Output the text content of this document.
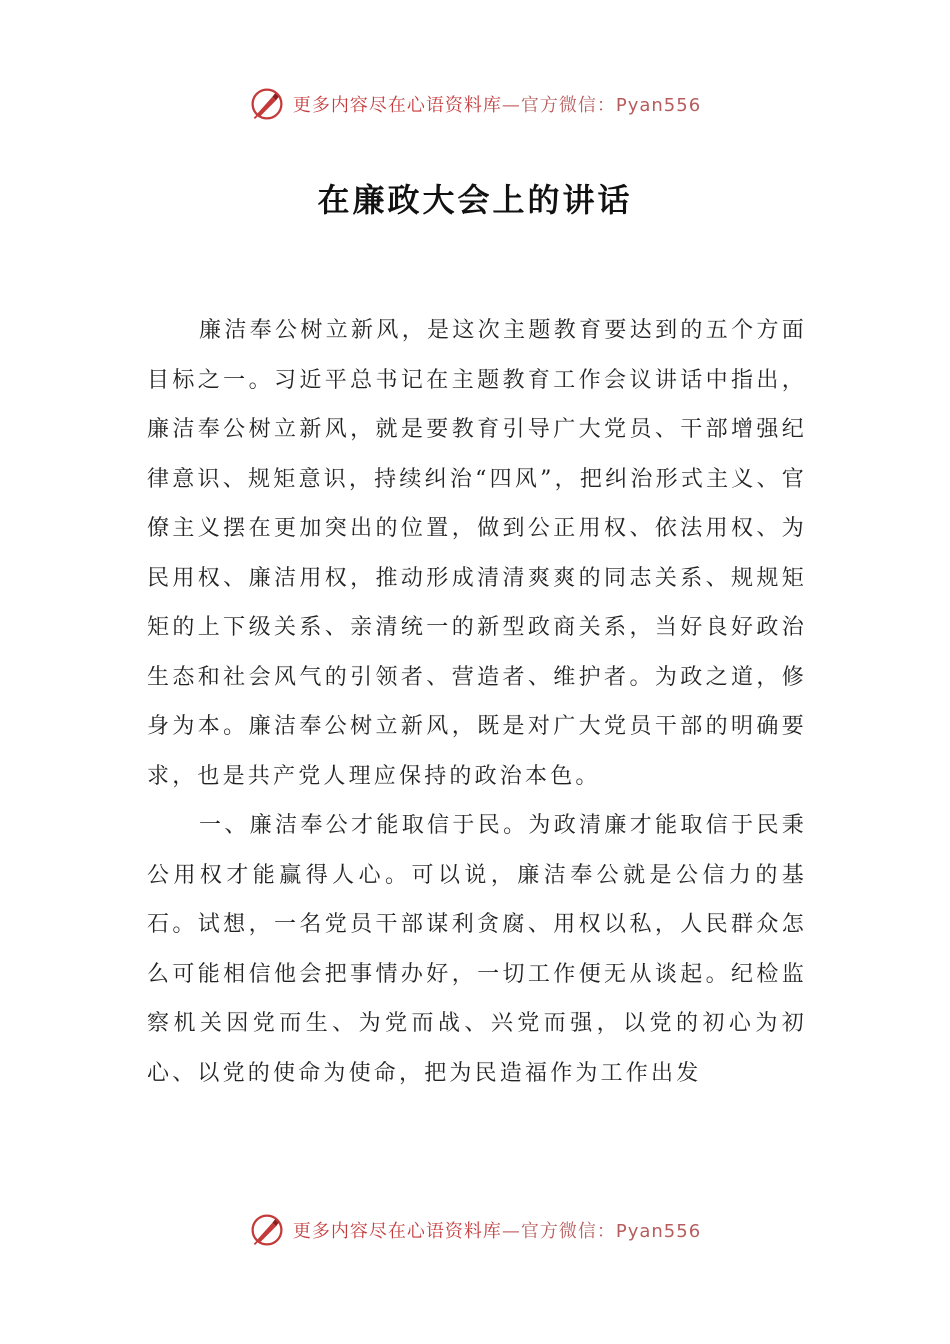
更多内容尽在心语资料库—官方微信：Pyan556
在廉政大会上的讲话

廉洁奉公树立新风，是这次主题教育要达到的五个方面目标之一。习近平总书记在主题教育工作会议讲话中指出，廉洁奉公树立新风，就是要教育引导广大党员、干部增强纪律意识、规矩意识，持续纠治“四风”，把纠治形式主义、官僚主义摆在更加突出的位置，做到公正用权、依法用权、为民用权、廉洁用权，推动形成清清爽爽的同志关系、规规矩矩的上下级关系、亲清统一的新型政商关系，当好良好政治生态和社会风气的引领者、营造者、维护者。为政之道，修身为本。廉洁奉公树立新风，既是对广大党员干部的明确要求，也是共产党人理应保持的政治本色。

一、廉洁奉公才能取信于民。为政清廉才能取信于民秉公用权才能赢得人心。可以说，廉洁奉公就是公信力的基石。试想，一名党员干部谋利贪腐、用权以私，人民群众怎么可能相信他会把事情办好，一切工作便无从谈起。纪检监察机关因党而生、为党而战、兴党而强，以党的初心为初心、以党的使命为使命，把为民造福作为工作出发

更多内容尽在心语资料库—官方微信：Pyan556
